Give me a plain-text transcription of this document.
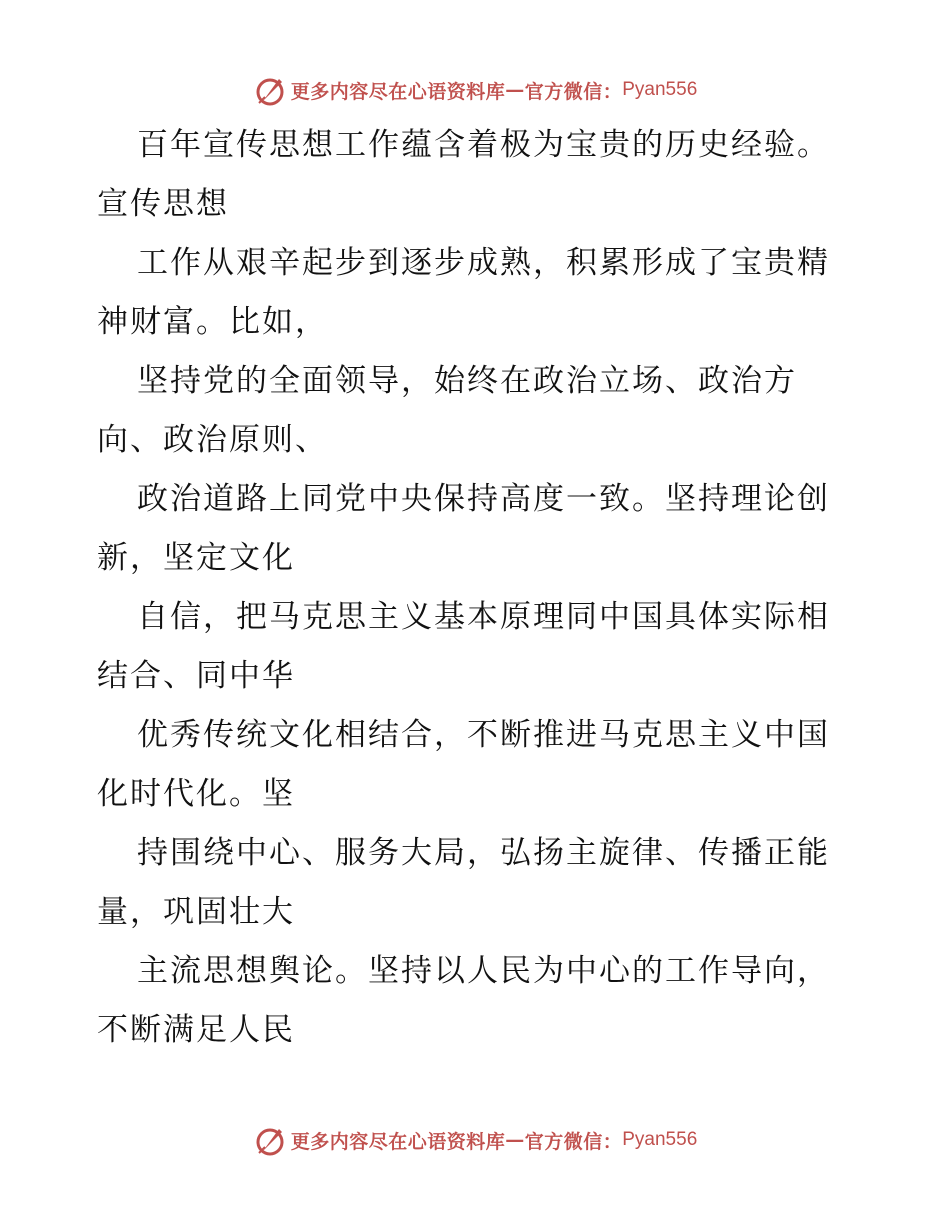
更多内容尽在心语资料库 — 官方微信： Pyan556

百年宣传思想工作蕴含着极为宝贵的历史经验。
宣传思想

工作从艰辛起步到逐步成熟，积累形成了宝贵精
神财富。比如，

坚持党的全面领导，始终在政治立场、政治方
向、政治原则、

政治道路上同党中央保持高度一致。坚持理论创
新，坚定文化

自信，把马克思主义基本原理同中国具体实际相
结合、同中华

优秀传统文化相结合，不断推进马克思主义中国
化时代化。坚

持围绕中心、服务大局，弘扬主旋律、传播正能
量，巩固壮大

主流思想舆论。坚持以人民为中心的工作导向，
不断满足人民

更多内容尽在心语资料库 — 官方微信： Pyan556
